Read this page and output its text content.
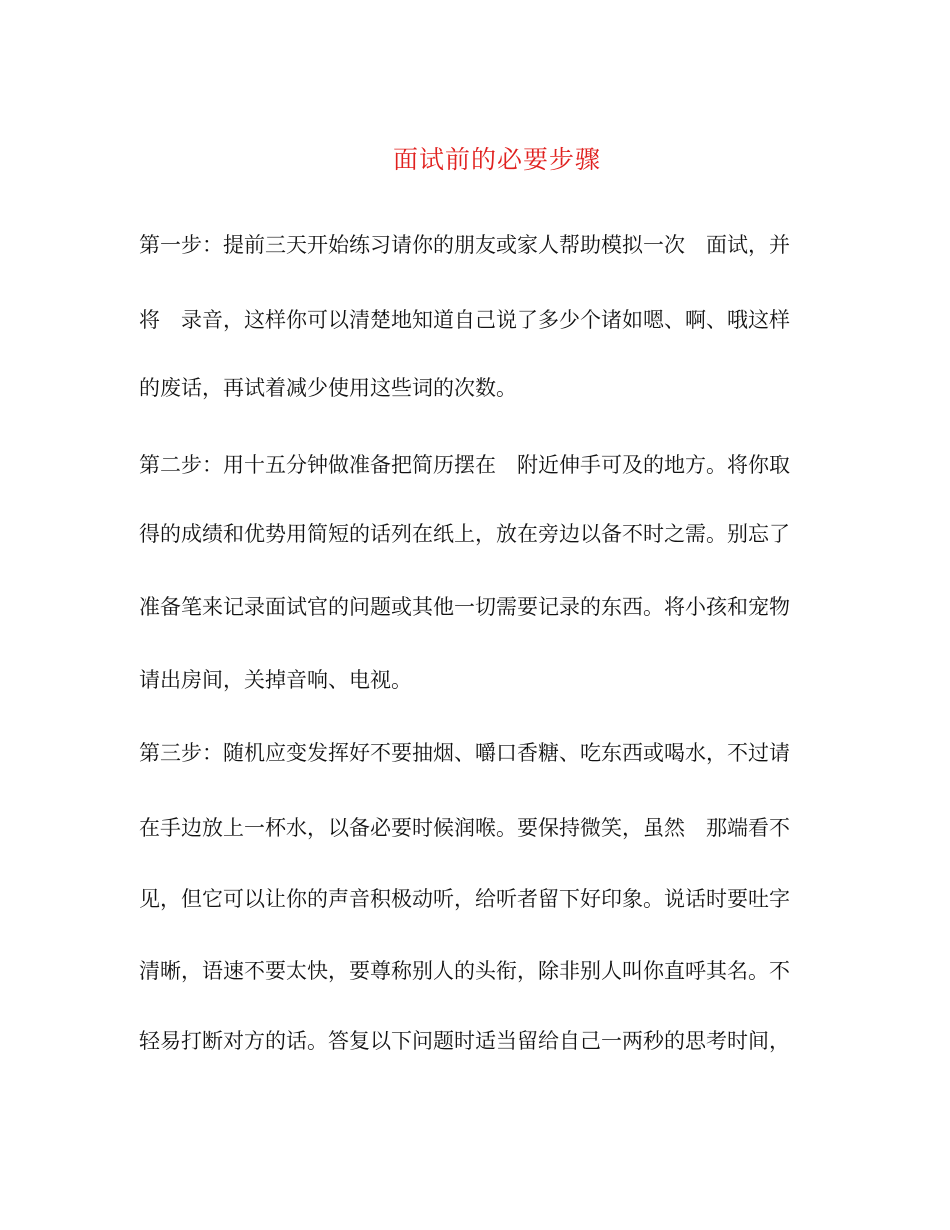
面试前的必要步骤
第一步：提前三天开始练习请你的朋友或家人帮助模拟一次　面试，并
将　录音，这样你可以清楚地知道自己说了多少个诸如嗯、啊、哦这样
的废话，再试着减少使用这些词的次数。
第二步：用十五分钟做准备把简历摆在　附近伸手可及的地方。将你取
得的成绩和优势用简短的话列在纸上，放在旁边以备不时之需。别忘了
准备笔来记录面试官的问题或其他一切需要记录的东西。将小孩和宠物
请出房间，关掉音响、电视。
第三步：随机应变发挥好不要抽烟、嚼口香糖、吃东西或喝水，不过请
在手边放上一杯水，以备必要时候润喉。要保持微笑，虽然　那端看不
见，但它可以让你的声音积极动听，给听者留下好印象。说话时要吐字
清晰，语速不要太快，要尊称别人的头衔，除非别人叫你直呼其名。不
轻易打断对方的话。答复以下问题时适当留给自己一两秒的思考时间，
